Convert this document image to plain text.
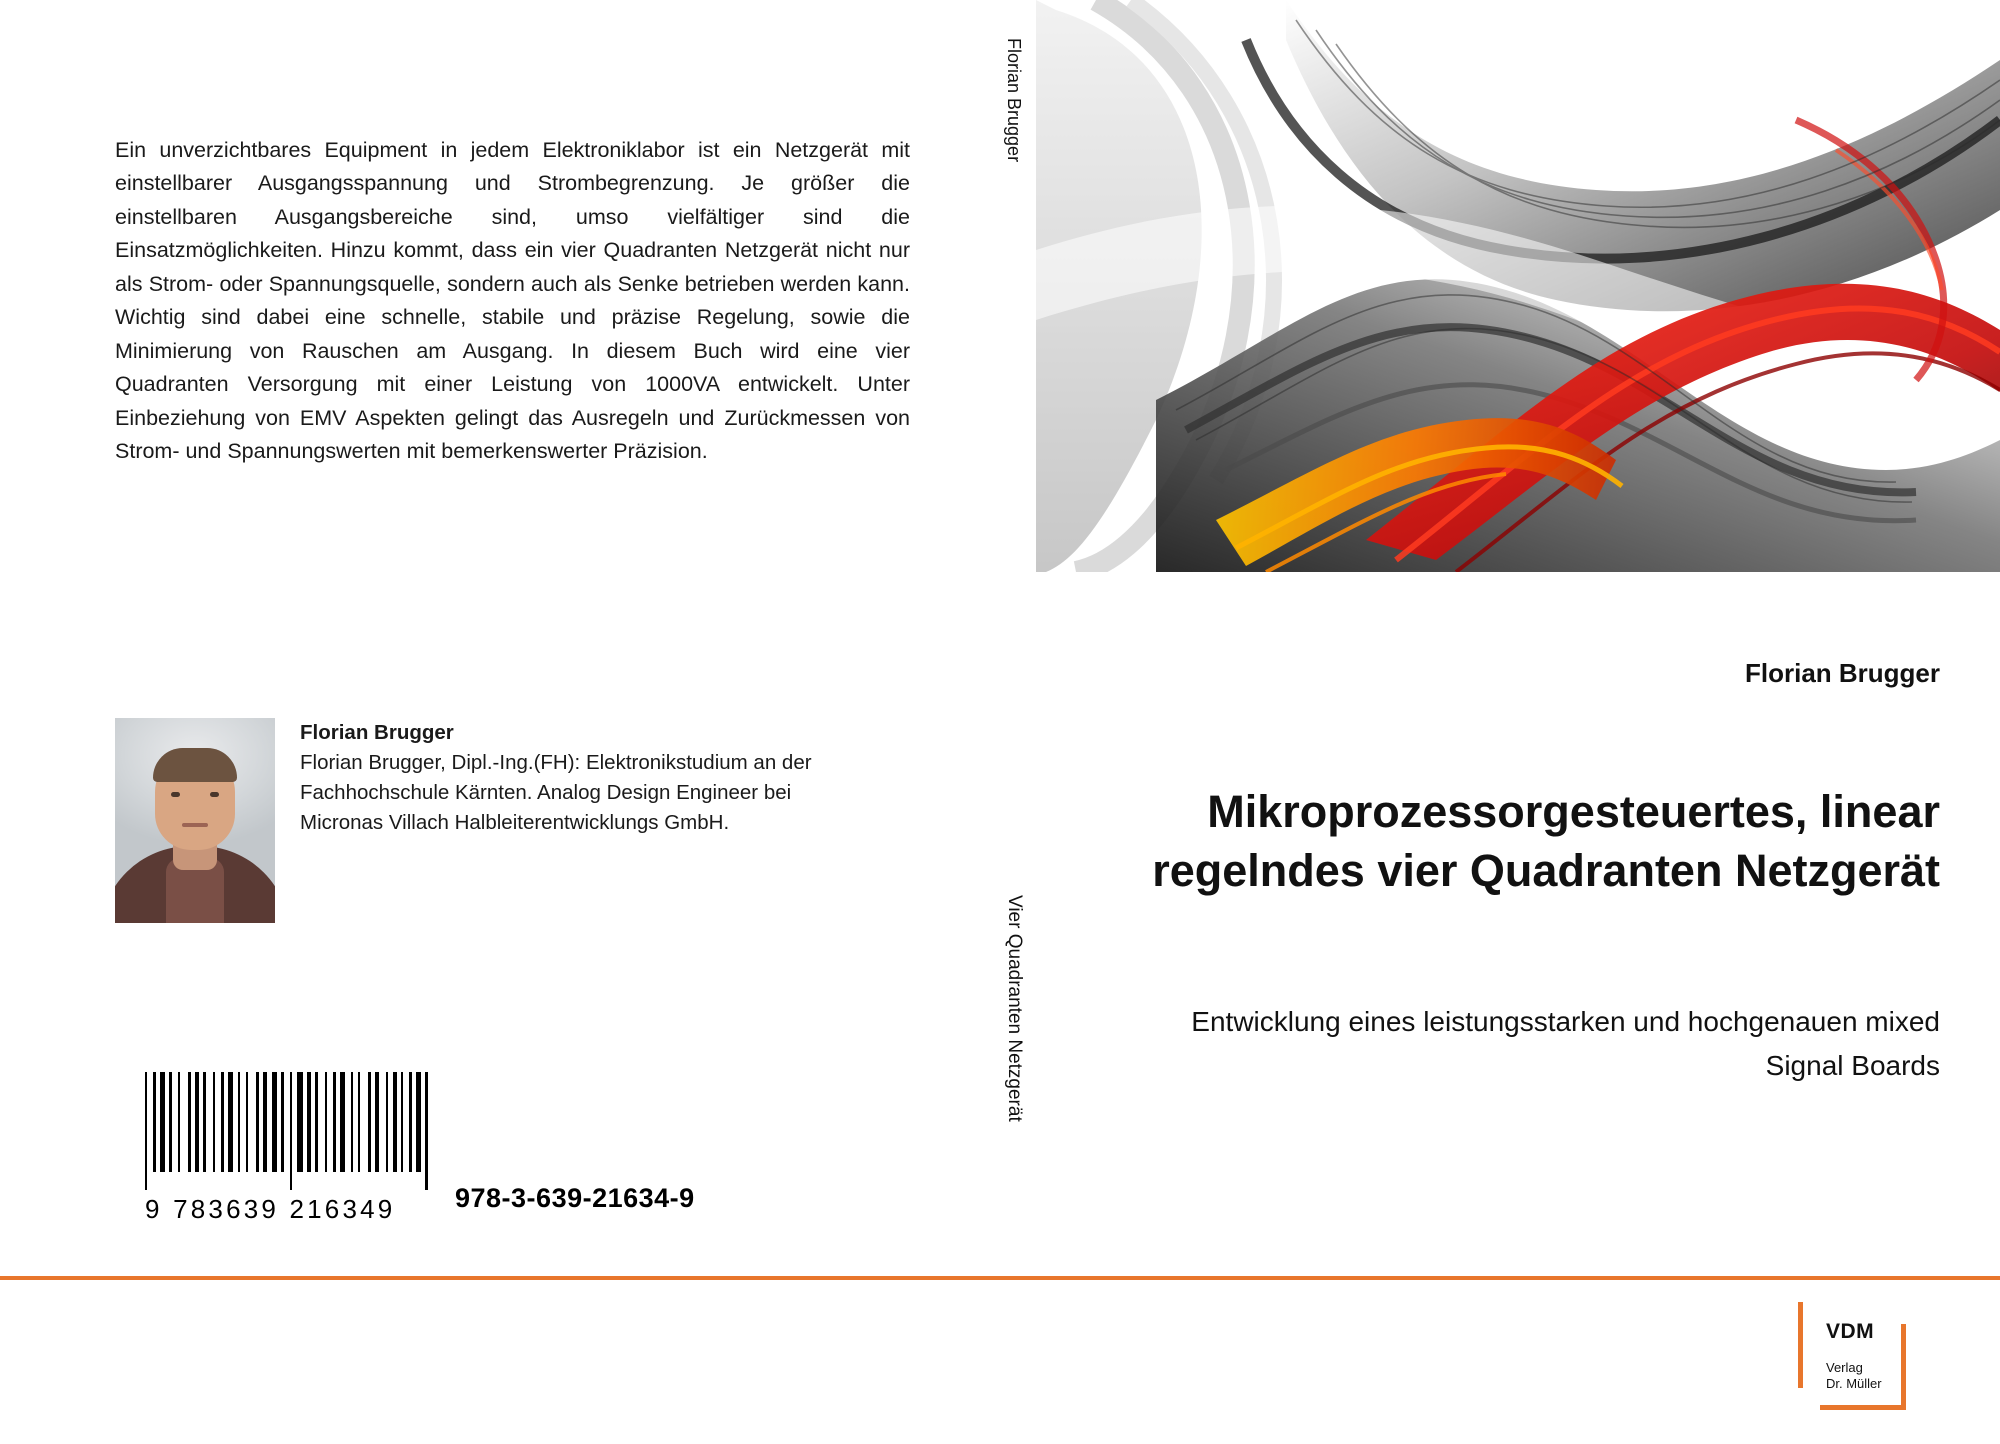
Ein unverzichtbares Equipment in jedem Elektroniklabor ist ein Netzgerät mit einstellbarer Ausgangsspannung und Strombegrenzung. Je größer die einstellbaren Ausgangsbereiche sind, umso vielfältiger sind die Einsatzmöglichkeiten. Hinzu kommt, dass ein vier Quadranten Netzgerät nicht nur als Strom- oder Spannungsquelle, sondern auch als Senke betrieben werden kann. Wichtig sind dabei eine schnelle, stabile und präzise Regelung, sowie die Minimierung von Rauschen am Ausgang. In diesem Buch wird eine vier Quadranten Versorgung mit einer Leistung von 1000VA entwickelt. Unter Einbeziehung von EMV Aspekten gelingt das Ausregeln und Zurückmessen von Strom- und Spannungswerten mit bemerkenswerter Präzision.

Florian Brugger
Florian Brugger, Dipl.-Ing.(FH): Elektronikstudium an der Fachhochschule Kärnten. Analog Design Engineer bei Micronas Villach Halbleiterentwicklungs GmbH.
9 783639 216349	978-3-639-21634-9
Florian Brugger
Vier Quadranten Netzgerät
Florian Brugger
Mikroprozessorgesteuertes, linear regelndes vier Quadranten Netzgerät
Entwicklung eines leistungsstarken und hochgenauen mixed Signal Boards
VDM
Verlag
Dr. Müller
